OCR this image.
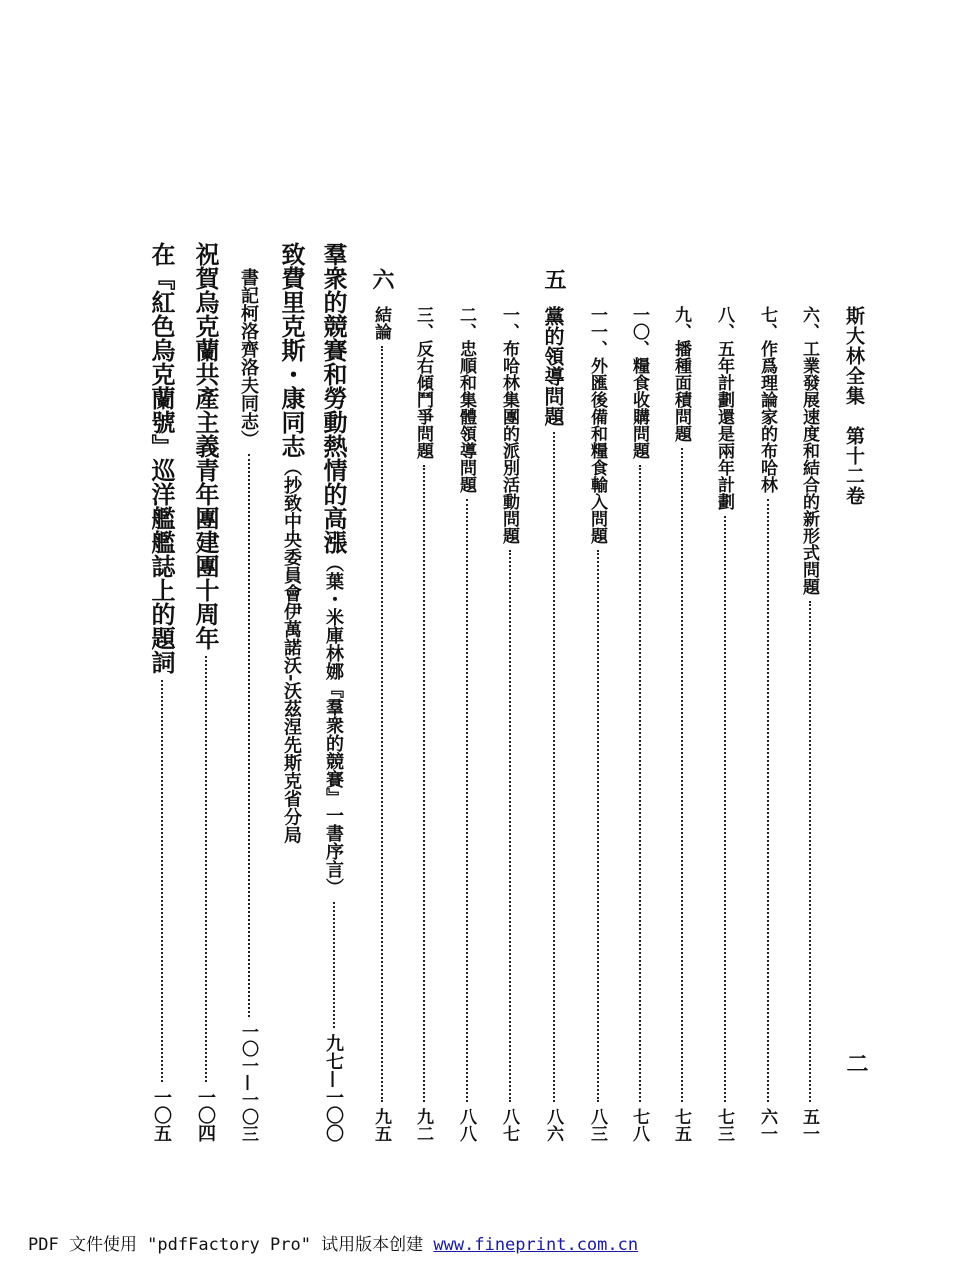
斯大林全集　第十二卷
二
六、工業發展速度和結合的新形式問題
五一
七、作爲理論家的布哈林
六一
八、五年計劃還是兩年計劃
七三
九、播種面積問題
七五
一〇、糧食收購問題
七八
一一、外匯後備和糧食輸入問題
八三
五
黨的領導問題
八六
一、布哈林集團的派別活動問題
八七
二、忠順和集體領導問題
八八
三、反右傾鬥爭問題
九二
六
結論
九五
羣衆的競賽和勞動熱情的高漲
（葉・米庫林娜『羣衆的競賽』一書序言）
九七—一〇〇
致費里克斯・康同志
（抄致中央委員會伊萬諾沃-沃茲涅先斯克省分局
書記柯洛齊洛夫同志）
一〇一—一〇三
祝賀烏克蘭共產主義青年團建團十周年
一〇四
在『紅色烏克蘭號』巡洋艦艦誌上的題詞
一〇五
PDF 文件使用 "pdfFactory Pro" 试用版本创建 www.fineprint.com.cn
